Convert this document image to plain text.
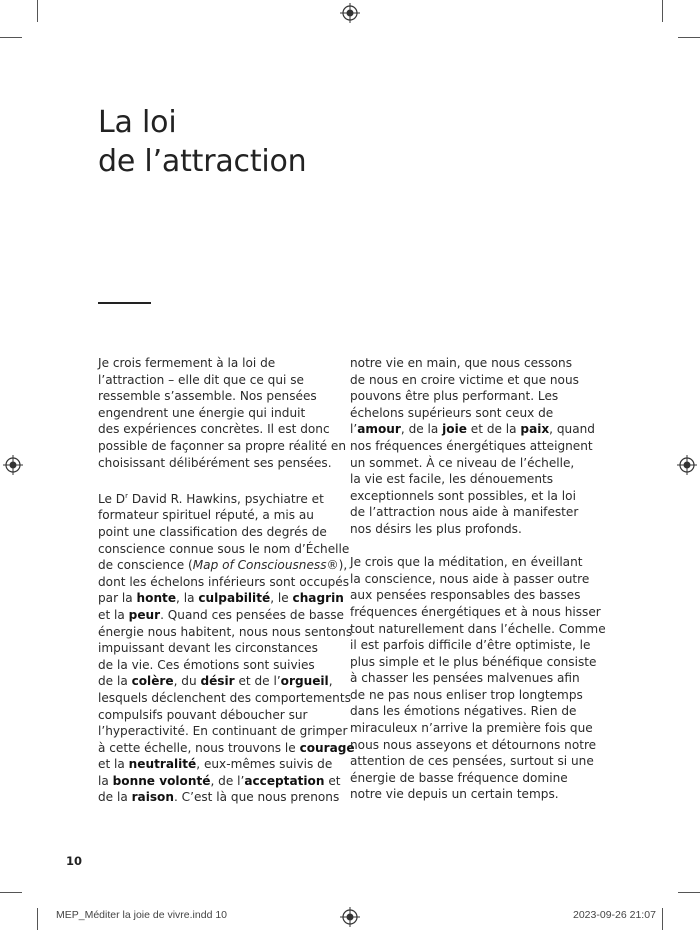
La loi
de l’attraction

Je crois fermement à la loi de
l’attraction – elle dit que ce qui se
ressemble s’assemble. Nos pensées
engendrent une énergie qui induit
des expériences concrètes. Il est donc
possible de façonner sa propre réalité en
choisissant délibérément ses pensées.

Le $D^r$ David R. Hawkins, psychiatre et
formateur spirituel réputé, a mis au
point une classification des degrés de
conscience connue sous le nom d’Échelle
de conscience (Map of Consciousness®),
dont les échelons inférieurs sont occupés
par la honte, la culpabilité, le chagrin
et la peur. Quand ces pensées de basse
énergie nous habitent, nous nous sentons
impuissant devant les circonstances
de la vie. Ces émotions sont suivies
de la colère, du désir et de l’orgueil,
lesquels déclenchent des comportements
compulsifs pouvant déboucher sur
l’hyperactivité. En continuant de grimper
à cette échelle, nous trouvons le courage
et la neutralité, eux-mêmes suivis de
la bonne volonté, de l’acceptation et
de la raison. C’est là que nous prenons

notre vie en main, que nous cessons
de nous en croire victime et que nous
pouvons être plus performant. Les
échelons supérieurs sont ceux de
l’amour, de la joie et de la paix, quand
nos fréquences énergétiques atteignent
un sommet. À ce niveau de l’échelle,
la vie est facile, les dénouements
exceptionnels sont possibles, et la loi
de l’attraction nous aide à manifester
nos désirs les plus profonds.

Je crois que la méditation, en éveillant
la conscience, nous aide à passer outre
aux pensées responsables des basses
fréquences énergétiques et à nous hisser
tout naturellement dans l’échelle. Comme
il est parfois difficile d’être optimiste, le
plus simple et le plus bénéfique consiste
à chasser les pensées malvenues afin
de ne pas nous enliser trop longtemps
dans les émotions négatives. Rien de
miraculeux n’arrive la première fois que
nous nous asseyons et détournons notre
attention de ces pensées, surtout si une
énergie de basse fréquence domine
notre vie depuis un certain temps.

10
MEP_Méditer la joie de vivre.indd 10	2023-09-26 21:07
